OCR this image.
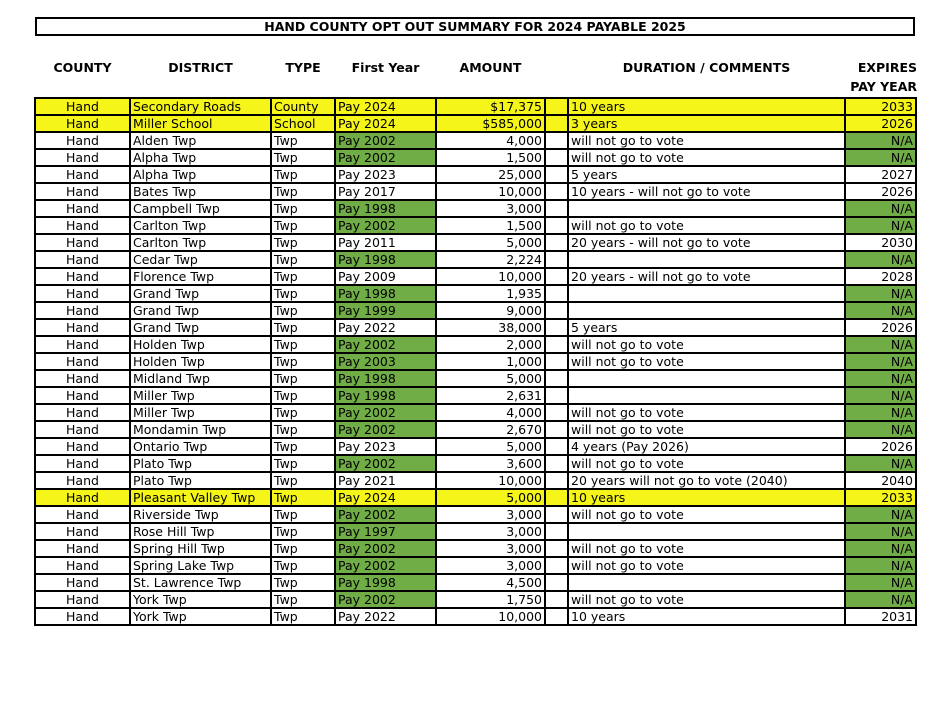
HAND COUNTY OPT OUT SUMMARY FOR 2024 PAYABLE 2025
COUNTY	DISTRICT	TYPE	First Year	AMOUNT	DURATION / COMMENTS	EXPIRES
PAY YEAR
Hand	Secondary Roads	County	Pay 2024	$17,375		10 years	2033
Hand	Miller School	School	Pay 2024	$585,000		3 years	2026
Hand	Alden Twp	Twp	Pay 2002	4,000		will not go to vote	N/A
Hand	Alpha Twp	Twp	Pay 2002	1,500		will not go to vote	N/A
Hand	Alpha Twp	Twp	Pay 2023	25,000		5 years	2027
Hand	Bates Twp	Twp	Pay 2017	10,000		10 years - will not go to vote	2026
Hand	Campbell Twp	Twp	Pay 1998	3,000			N/A
Hand	Carlton Twp	Twp	Pay 2002	1,500		will not go to vote	N/A
Hand	Carlton Twp	Twp	Pay 2011	5,000		20 years - will not go to vote	2030
Hand	Cedar Twp	Twp	Pay 1998	2,224			N/A
Hand	Florence Twp	Twp	Pay 2009	10,000		20 years - will not go to vote	2028
Hand	Grand Twp	Twp	Pay 1998	1,935			N/A
Hand	Grand Twp	Twp	Pay 1999	9,000			N/A
Hand	Grand Twp	Twp	Pay 2022	38,000		5 years	2026
Hand	Holden Twp	Twp	Pay 2002	2,000		will not go to vote	N/A
Hand	Holden Twp	Twp	Pay 2003	1,000		will not go to vote	N/A
Hand	Midland Twp	Twp	Pay 1998	5,000			N/A
Hand	Miller Twp	Twp	Pay 1998	2,631			N/A
Hand	Miller Twp	Twp	Pay 2002	4,000		will not go to vote	N/A
Hand	Mondamin Twp	Twp	Pay 2002	2,670		will not go to vote	N/A
Hand	Ontario Twp	Twp	Pay 2023	5,000		4 years (Pay 2026)	2026
Hand	Plato Twp	Twp	Pay 2002	3,600		will not go to vote	N/A
Hand	Plato Twp	Twp	Pay 2021	10,000		20 years will not go to vote (2040)	2040
Hand	Pleasant Valley Twp	Twp	Pay 2024	5,000		10 years	2033
Hand	Riverside Twp	Twp	Pay 2002	3,000		will not go to vote	N/A
Hand	Rose Hill Twp	Twp	Pay 1997	3,000			N/A
Hand	Spring Hill Twp	Twp	Pay 2002	3,000		will not go to vote	N/A
Hand	Spring Lake Twp	Twp	Pay 2002	3,000		will not go to vote	N/A
Hand	St. Lawrence Twp	Twp	Pay 1998	4,500			N/A
Hand	York Twp	Twp	Pay 2002	1,750		will not go to vote	N/A
Hand	York Twp	Twp	Pay 2022	10,000		10 years	2031
